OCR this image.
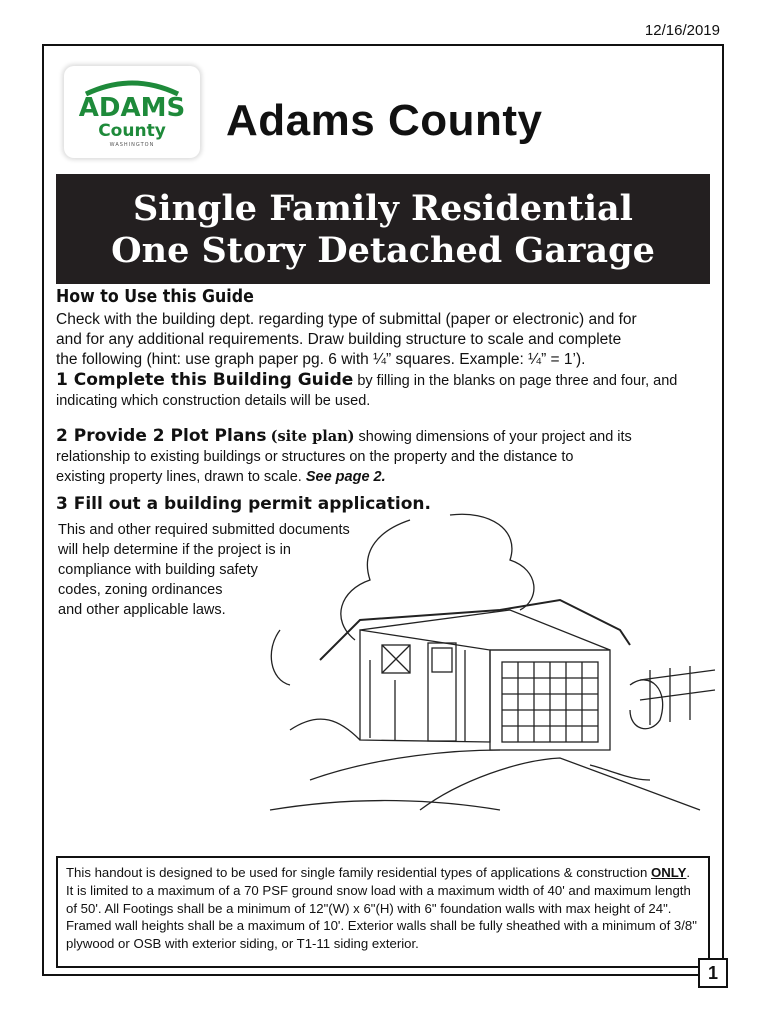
12/16/2019
ADAMS
County
WASHINGTON Adams County
Single Family Residential
One Story Detached Garage
How to Use this Guide
Check with the building dept. regarding type of submittal (paper or electronic) and for
and for any additional requirements. Draw building structure to scale and complete
the following (hint: use graph paper pg. 6 with ¼” squares. Example: ¼” = 1’).
1 Complete this Building Guide by filling in the blanks on page three and four, and
indicating which construction details will be used.
2 Provide 2 Plot Plans (site plan) showing dimensions of your project and its
relationship to existing buildings or structures on the property and the distance to
existing property lines, drawn to scale. See page 2.
3 Fill out a building permit application.
This and other required submitted documents
will help determine if the project is in
compliance with building safety
codes, zoning ordinances
and other applicable laws.
This handout is designed to be used for single family residential types of applications & construction ONLY. It is limited to a maximum of a 70 PSF ground snow load with a maximum width of 40' and maximum length of 50'. All Footings shall be a minimum of 12"(W) x 6"(H) with 6" foundation walls with max height of 24". Framed wall heights shall be a maximum of 10'. Exterior walls shall be fully sheathed with a minimum of 3/8" plywood or OSB with exterior siding, or T1-11 siding exterior.
1
